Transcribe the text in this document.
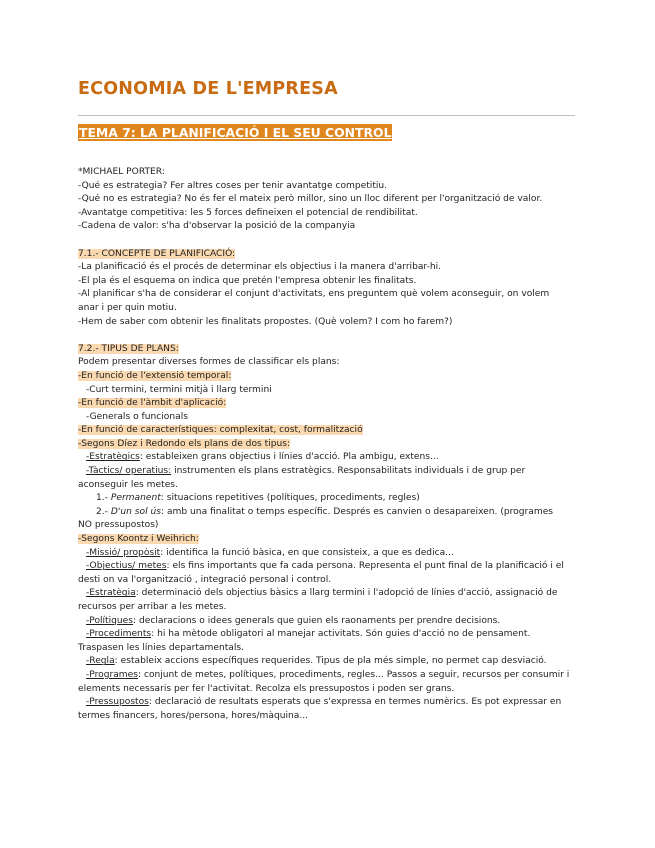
ECONOMIA DE L'EMPRESA
TEMA 7: LA PLANIFICACIÓ I EL SEU CONTROL
*MICHAEL PORTER:
-Qué es estrategia? Fer altres coses per tenir avantatge competitiu.
-Qué no es estrategia? No és fer el mateix però millor, sino un lloc diferent per l'organització de valor.
-Avantatge competitiva: les 5 forces defineixen el potencial de rendibilitat.
-Cadena de valor: s'ha d'observar la posició de la companyia
7.1.- CONCEPTE DE PLANIFICACIÓ:
-La planificació és el procés de determinar els objectius i la manera d'arribar-hi.
-El pla és el esquema on indica que pretén l'empresa obtenir les finalitats.
-Al planificar s'ha de considerar el conjunt d'activitats, ens preguntem què volem aconseguir, on volem
anar i per quin motiu.
-Hem de saber com obtenir les finalitats propostes. (Què volem? I com ho farem?)
7.2.- TIPUS DE PLANS:
Podem presentar diverses formes de classificar els plans:
-En funció de l'extensió temporal:
-Curt termini, termini mitjà i llarg termini
-En funció de l'àmbit d'aplicació:
-Generals o funcionals
-En funció de característiques: complexitat, cost, formalització
-Segons Díez i Redondo els plans de dos tipus:
-Estratègics: estableixen grans objectius i línies d'acció. Pla ambigu, extens...
-Tàctics/ operatius: instrumenten els plans estratègics. Responsabilitats individuals i de grup per
aconseguir les metes.
1.- Permanent: situacions repetitives (polítiques, procediments, regles)
2.- D'un sol ús: amb una finalitat o temps específic. Després es canvien o desapareixen. (programes
NO pressupostos)
-Segons Koontz i Weihrich:
-Missió/ propòsit: identifica la funció bàsica, en que consisteix, a que es dedica...
-Objectius/ metes: els fins importants que fa cada persona. Representa el punt final de la planificació i el
desti on va l'organització , integració personal i control.
-Estratègia: determinació dels objectius bàsics a llarg termini i l'adopció de línies d'acció, assignació de
recursos per arribar a les metes.
-Polítiques: declaracions o idees generals que guien els raonaments per prendre decisions.
-Procediments: hi ha mètode obligatori al manejar activitats. Són guies d'acció no de pensament.
Traspasen les línies departamentals.
-Regla: estableix accions específiques requerides. Tipus de pla més simple, no permet cap desviació.
-Programes: conjunt de metes, polítiques, procediments, regles... Passos a seguir, recursos per consumir i
elements necessaris per fer l'activitat. Recolza els pressupostos i poden ser grans.
-Pressupostos: declaració de resultats esperats que s'expressa en termes numèrics. Es pot expressar en
termes financers, hores/persona, hores/màquina...
